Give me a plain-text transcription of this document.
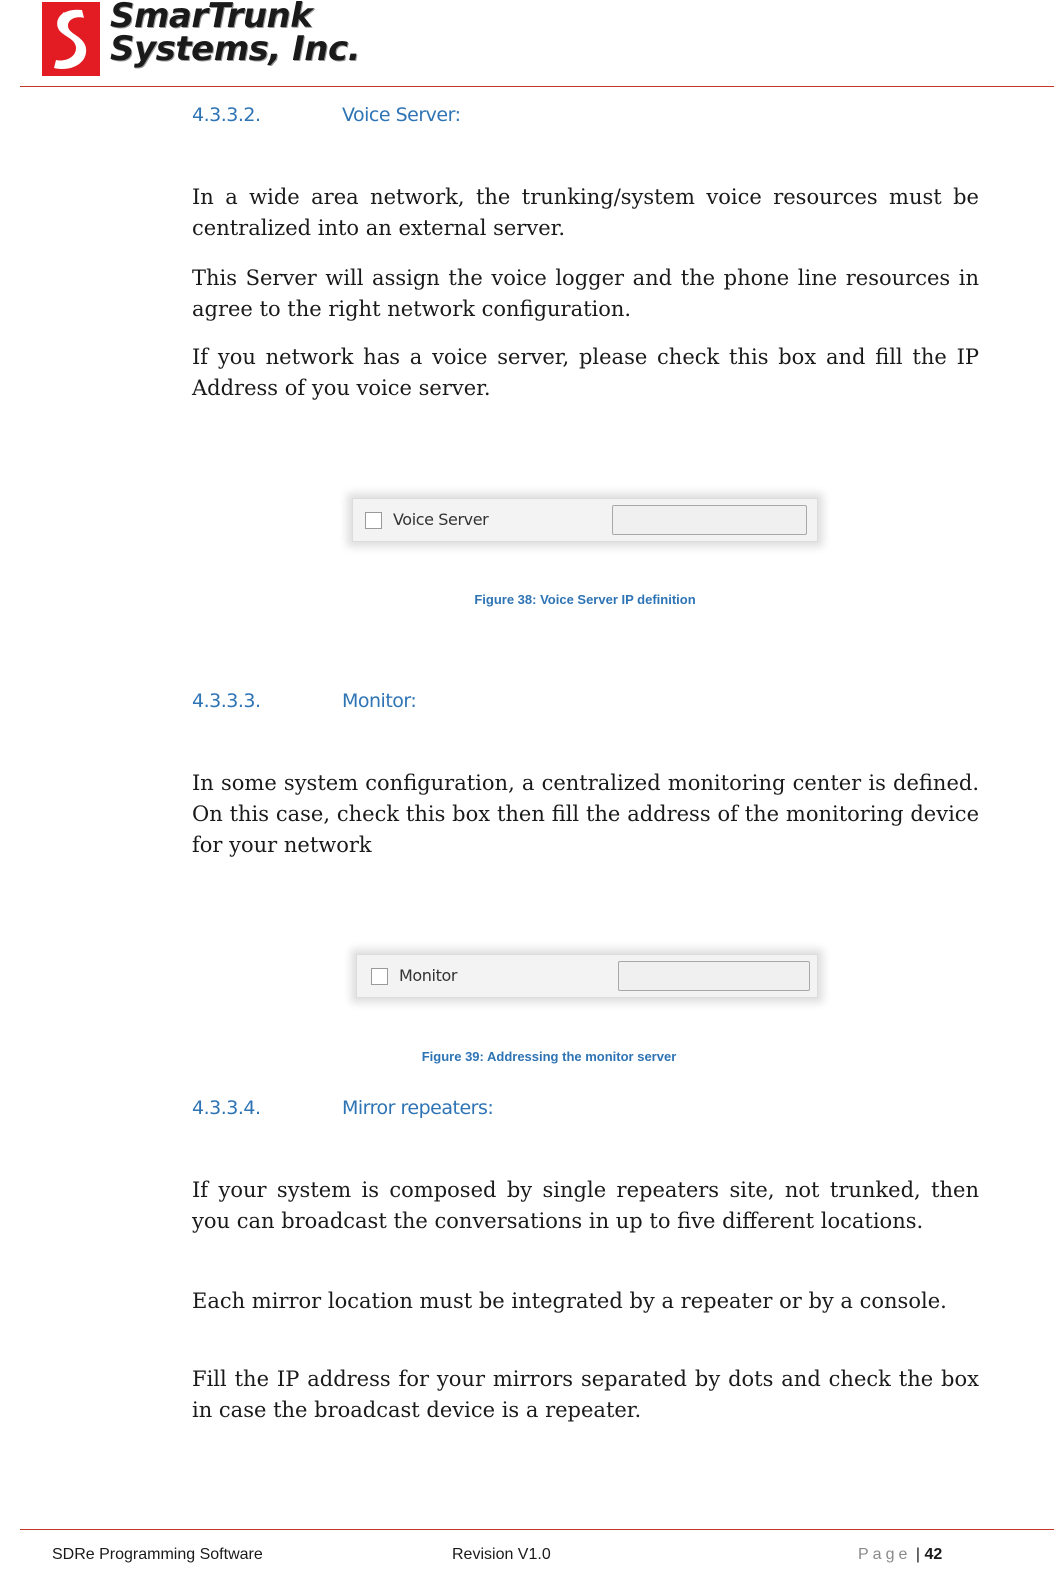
SmarTrunk
Systems, Inc.
4.3.3.2.	Voice Server:

In a wide area network, the trunking/system voice resources must be centralized into an external server.

This Server will assign the voice logger and the phone line resources in agree to the right network configuration.

If you network has a voice server, please check this box and fill the IP Address of you voice server.

Voice Server
Figure 38: Voice Server IP definition
4.3.3.3.	Monitor:

In some system configuration, a centralized monitoring center is defined. On this case, check this box then fill the address of the monitoring device for your network

Monitor
Figure 39: Addressing the monitor server
4.3.3.4.	Mirror repeaters:

If your system is composed by single repeaters site, not trunked, then you can broadcast the conversations in up to five different locations.

Each mirror location must be integrated by a repeater or by a console.

Fill the IP address for your mirrors separated by dots and check the box in case the broadcast device is a repeater.

SDRe Programming Software	Revision V1.0	Page | 42
